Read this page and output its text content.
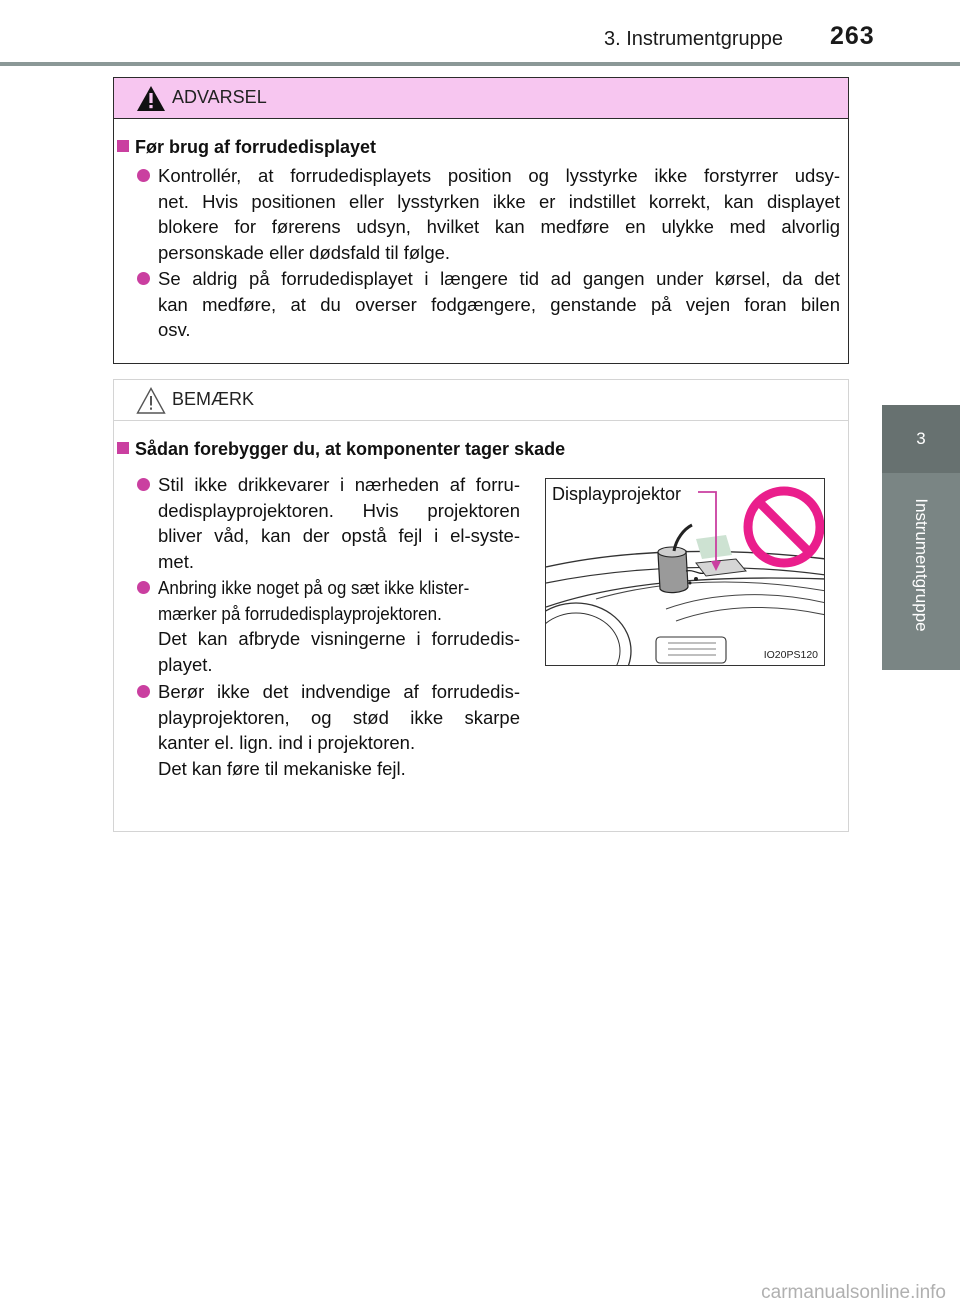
3. Instrumentgruppe 263
3
Instrumentgruppe
ADVARSEL
Før brug af forrudedisplayet

Kontrollér, at forrudedisplayets position og lysstyrke ikke forstyrrer udsy-

net. Hvis positionen eller lysstyrken ikke er indstillet korrekt, kan displayet

blokere for førerens udsyn, hvilket kan medføre en ulykke med alvorlig

personskade eller dødsfald til følge.

Se aldrig på forrudedisplayet i længere tid ad gangen under kørsel, da det

kan medføre, at du overser fodgængere, genstande på vejen foran bilen

osv.

BEMÆRK
Sådan forebygger du, at komponenter tager skade

Stil ikke drikkevarer i nærheden af forru-

dedisplayprojektoren. Hvis projektoren

bliver våd, kan der opstå fejl i el-syste-

met.

Anbring ikke noget på og sæt ikke klister-

mærker på forrudedisplayprojektoren.

Det kan afbryde visningerne i forrudedis-

playet.

Berør ikke det indvendige af forrudedis-

playprojektoren, og stød ikke skarpe

kanter el. lign. ind i projektoren.

Det kan føre til mekaniske fejl.

Displayprojektor
IO20PS120
carmanualsonline.info
